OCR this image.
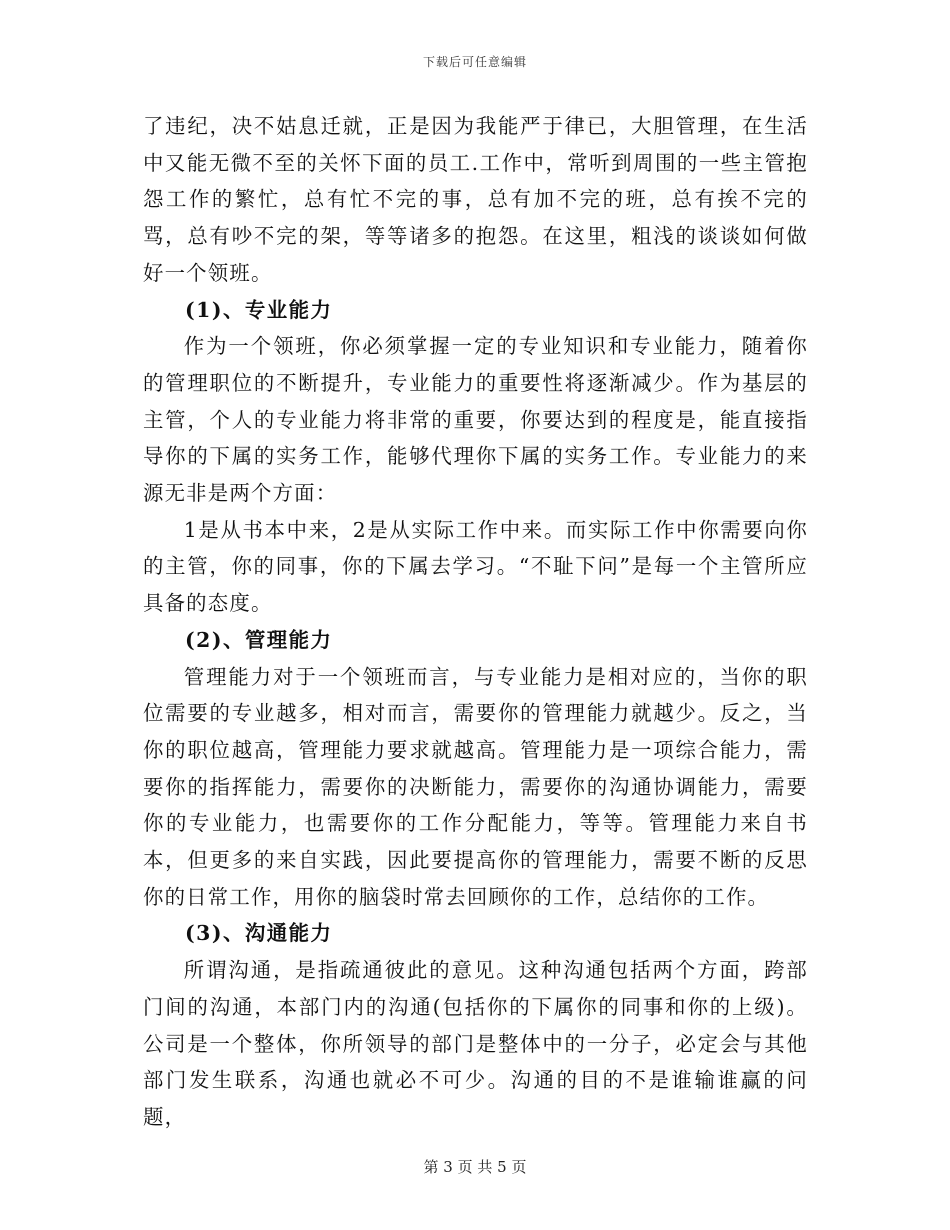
下载后可任意编辑

了违纪，决不姑息迁就，正是因为我能严于律已，大胆管理，在生活中又能无微不至的关怀下面的员工.工作中，常听到周围的一些主管抱怨工作的繁忙，总有忙不完的事，总有加不完的班，总有挨不完的骂，总有吵不完的架，等等诸多的抱怨。在这里，粗浅的谈谈如何做好一个领班。

(1)、专业能力

作为一个领班，你必须掌握一定的专业知识和专业能力，随着你的管理职位的不断提升，专业能力的重要性将逐渐减少。作为基层的主管，个人的专业能力将非常的重要，你要达到的程度是，能直接指导你的下属的实务工作，能够代理你下属的实务工作。专业能力的来源无非是两个方面：

1是从书本中来，2是从实际工作中来。而实际工作中你需要向你的主管，你的同事，你的下属去学习。“不耻下问”是每一个主管所应具备的态度。

(2)、管理能力

管理能力对于一个领班而言，与专业能力是相对应的，当你的职位需要的专业越多，相对而言，需要你的管理能力就越少。反之，当你的职位越高，管理能力要求就越高。管理能力是一项综合能力，需要你的指挥能力，需要你的决断能力，需要你的沟通协调能力，需要你的专业能力，也需要你的工作分配能力，等等。管理能力来自书本，但更多的来自实践，因此要提高你的管理能力，需要不断的反思你的日常工作，用你的脑袋时常去回顾你的工作，总结你的工作。

(3)、沟通能力

所谓沟通，是指疏通彼此的意见。这种沟通包括两个方面，跨部门间的沟通，本部门内的沟通(包括你的下属你的同事和你的上级)。公司是一个整体，你所领导的部门是整体中的一分子，必定会与其他部门发生联系，沟通也就必不可少。沟通的目的不是谁输谁赢的问题，

第 3 页 共 5 页
